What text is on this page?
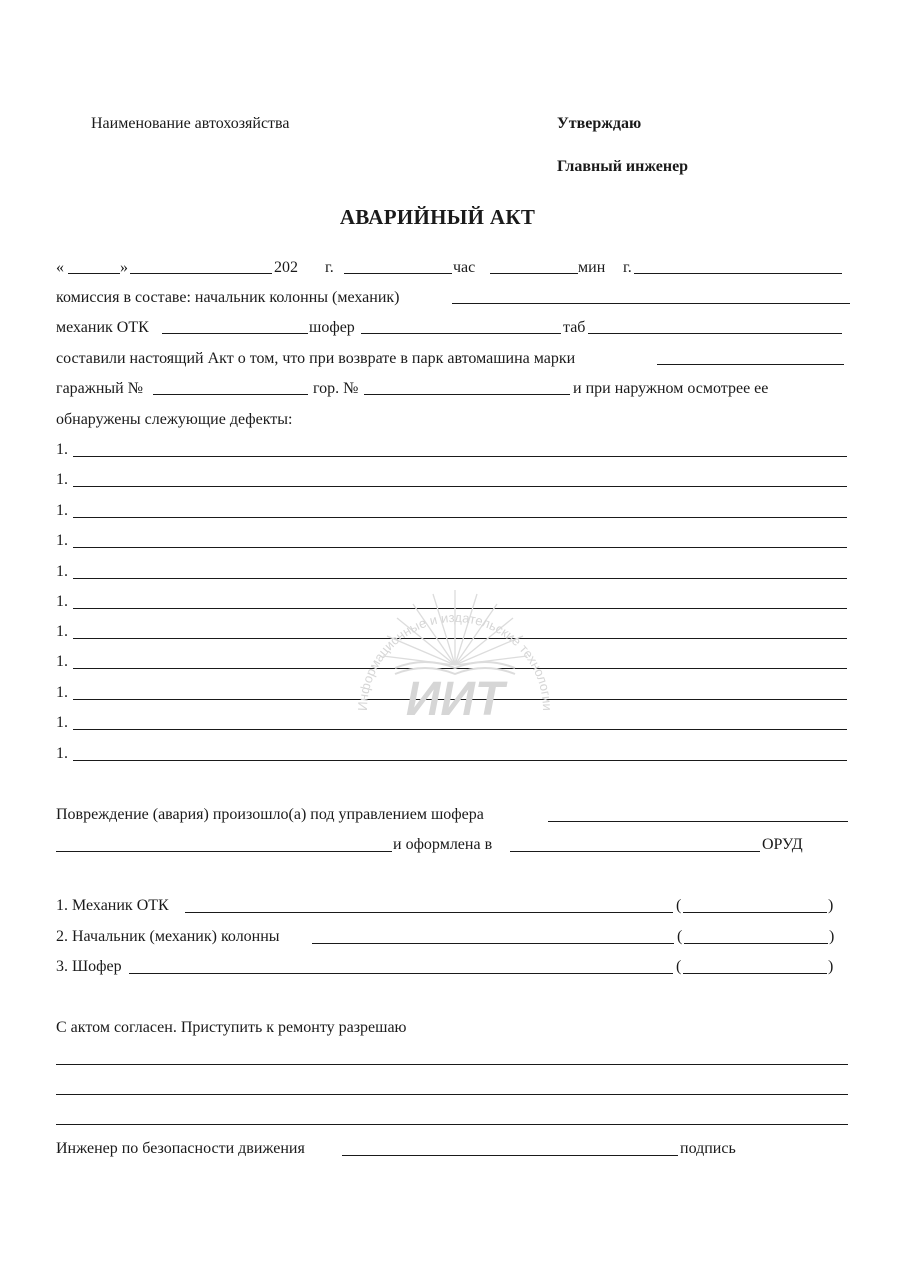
Наименование автохозяйства	Утверждаю
Главный инженер
АВАРИЙНЫЙ АКТ
«	»	202 г.	час	мин г.
комиссия в составе: начальник колонны (механик)
механик ОТК	шофер	таб
составили настоящий Акт о том, что при возврате в парк автомашина марки
гаражный №	гор. №	и при наружном осмотрее ее
обнаружены слежующие дефекты:
1.
1.
1.
1.
1.
1.
1.
1.
1.
1.
1.
ИИТ
Информационные и издательские технологии
Повреждение (авария) произошло(а) под управлением шофера
и оформлена в	ОРУД
1. Механик ОТК	(	)
2. Начальник (механик) колонны	(	)
3. Шофер	(	)
С актом согласен. Приступить к ремонту разрешаю
Инженер по безопасности движения	подпись
